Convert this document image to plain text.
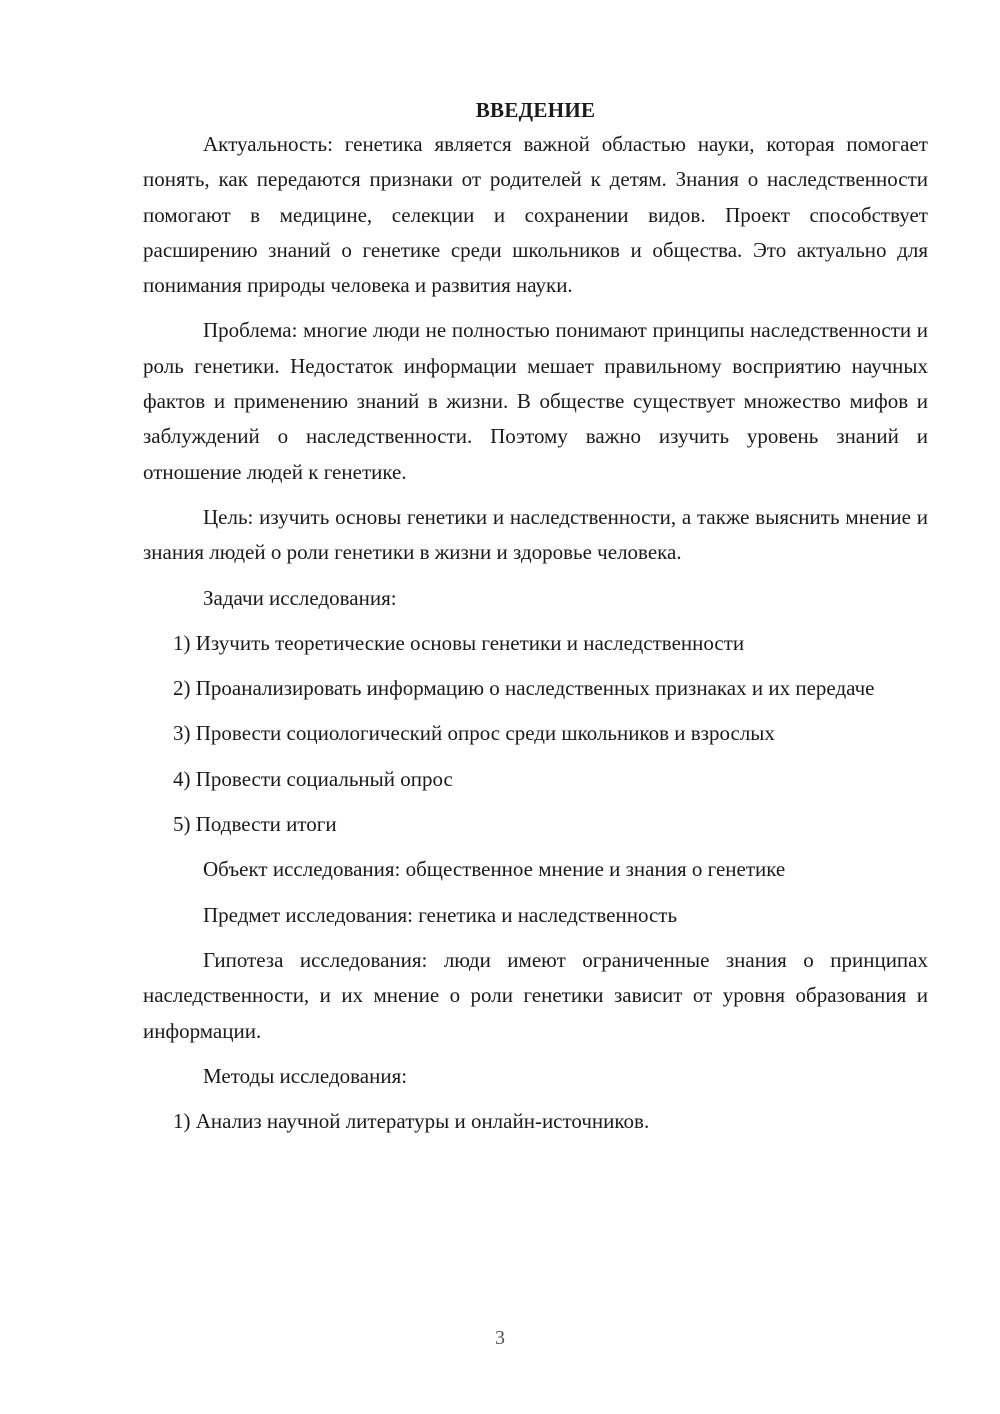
ВВЕДЕНИЕ

Актуальность: генетика является важной областью науки, которая помогает понять, как передаются признаки от родителей к детям. Знания о наследственности помогают в медицине, селекции и сохранении видов. Проект способствует расширению знаний о генетике среди школьников и общества. Это актуально для понимания природы человека и развития науки.

Проблема: многие люди не полностью понимают принципы наследственности и роль генетики. Недостаток информации мешает правильному восприятию научных фактов и применению знаний в жизни. В обществе существует множество мифов и заблуждений о наследственности. Поэтому важно изучить уровень знаний и отношение людей к генетике.

Цель: изучить основы генетики и наследственности, а также выяснить мнение и знания людей о роли генетики в жизни и здоровье человека.

Задачи исследования:

1) Изучить теоретические основы генетики и наследственности

2) Проанализировать информацию о наследственных признаках и их передаче

3) Провести социологический опрос среди школьников и взрослых

4) Провести социальный опрос

5) Подвести итоги

Объект исследования: общественное мнение и знания о генетике

Предмет исследования: генетика и наследственность

Гипотеза исследования: люди имеют ограниченные знания о принципах наследственности, и их мнение о роли генетики зависит от уровня образования и информации.

Методы исследования:

1) Анализ научной литературы и онлайн-источников.

3
